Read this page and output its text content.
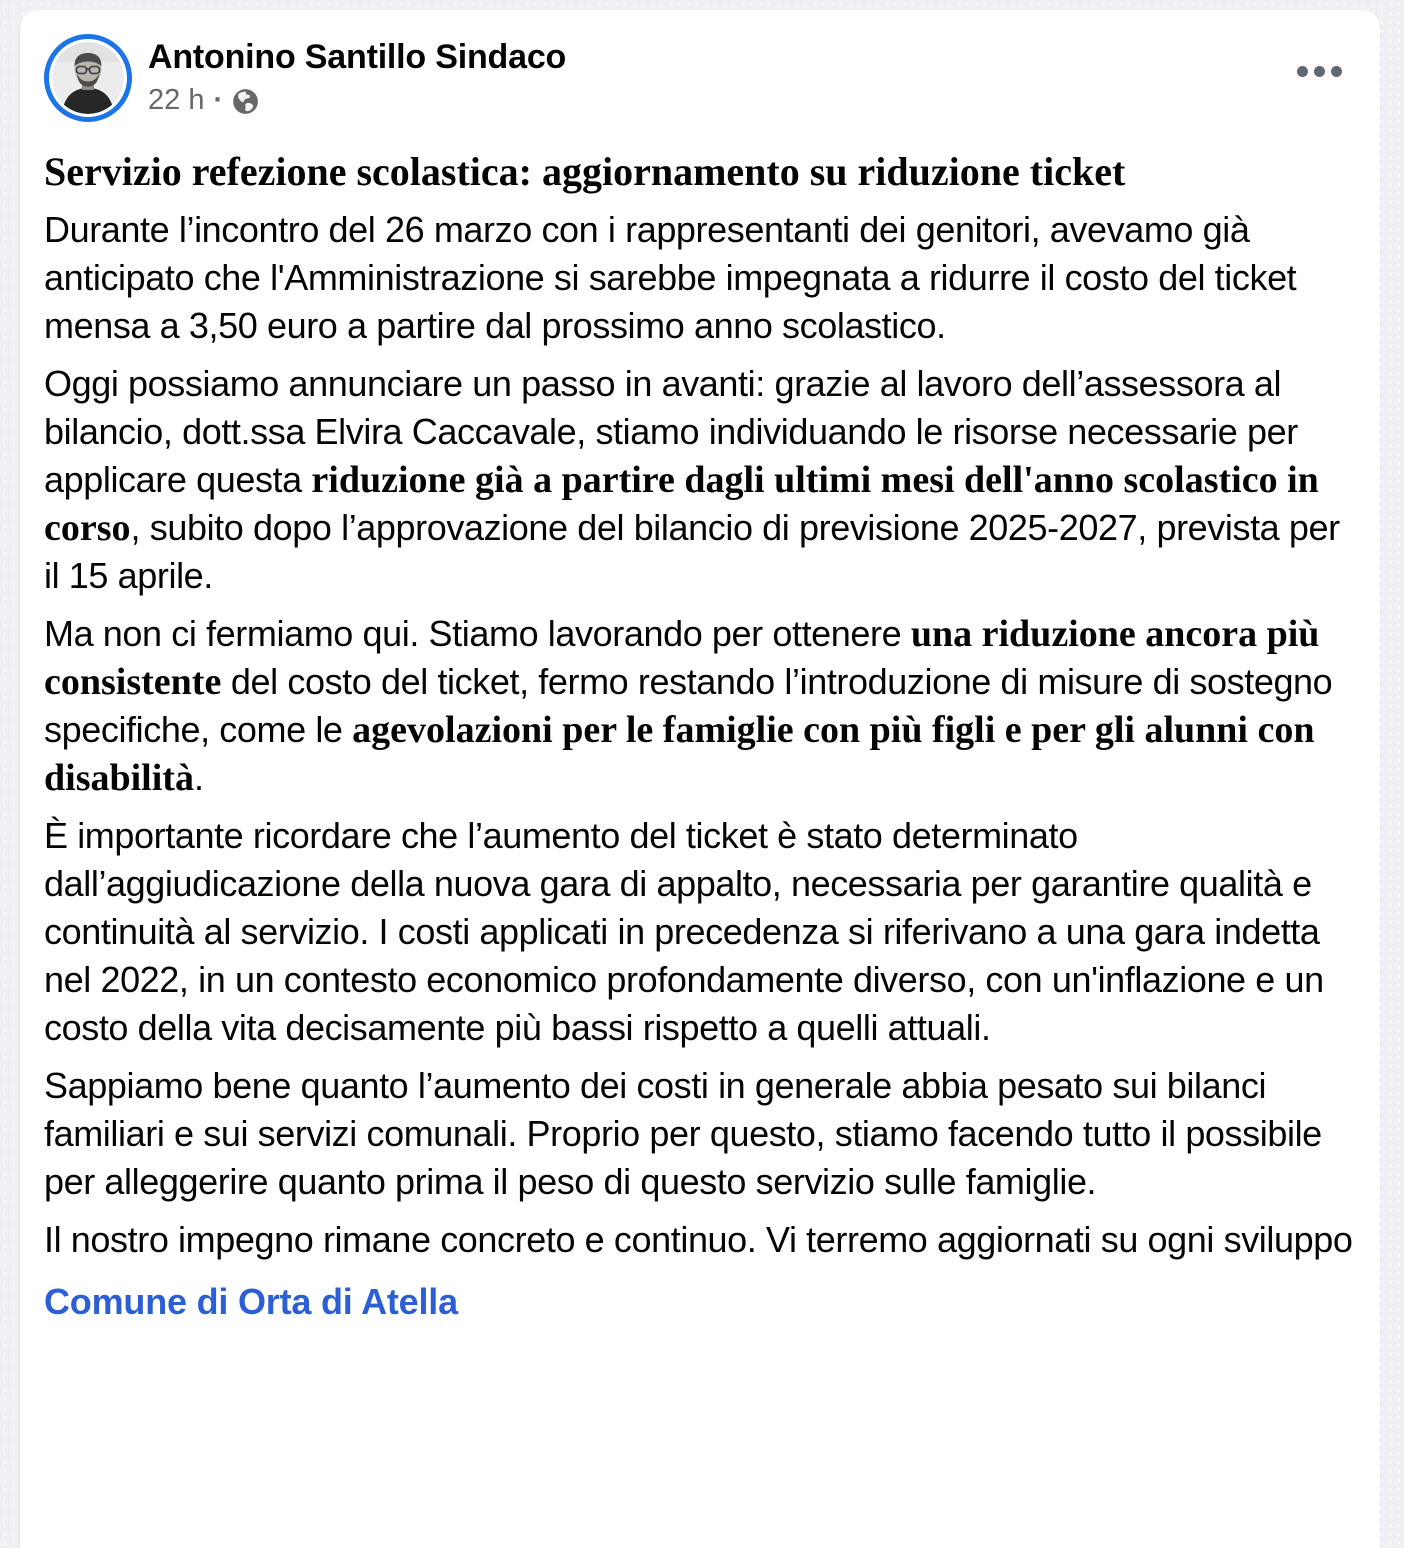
Antonino Santillo Sindaco
22 h ·
Servizio refezione scolastica: aggiornamento su riduzione ticket
Durante l’incontro del 26 marzo con i rappresentanti dei genitori, avevamo già anticipato che l'Amministrazione si sarebbe impegnata a ridurre il costo del ticket mensa a 3,50 euro a partire dal prossimo anno scolastico.
Oggi possiamo annunciare un passo in avanti: grazie al lavoro dell’assessora al bilancio, dott.ssa Elvira Caccavale, stiamo individuando le risorse necessarie per applicare questa riduzione già a partire dagli ultimi mesi dell'anno scolastico in corso, subito dopo l’approvazione del bilancio di previsione 2025-2027, prevista per il 15 aprile.
Ma non ci fermiamo qui. Stiamo lavorando per ottenere una riduzione ancora più consistente del costo del ticket, fermo restando l’introduzione di misure di sostegno specifiche, come le agevolazioni per le famiglie con più figli e per gli alunni con disabilità.
È importante ricordare che l’aumento del ticket è stato determinato dall’aggiudicazione della nuova gara di appalto, necessaria per garantire qualità e continuità al servizio. I costi applicati in precedenza si riferivano a una gara indetta nel 2022, in un contesto economico profondamente diverso, con un'inflazione e un costo della vita decisamente più bassi rispetto a quelli attuali.
Sappiamo bene quanto l’aumento dei costi in generale abbia pesato sui bilanci familiari e sui servizi comunali. Proprio per questo, stiamo facendo tutto il possibile per alleggerire quanto prima il peso di questo servizio sulle famiglie.
Il nostro impegno rimane concreto e continuo. Vi terremo aggiornati su ogni sviluppo
Comune di Orta di Atella
